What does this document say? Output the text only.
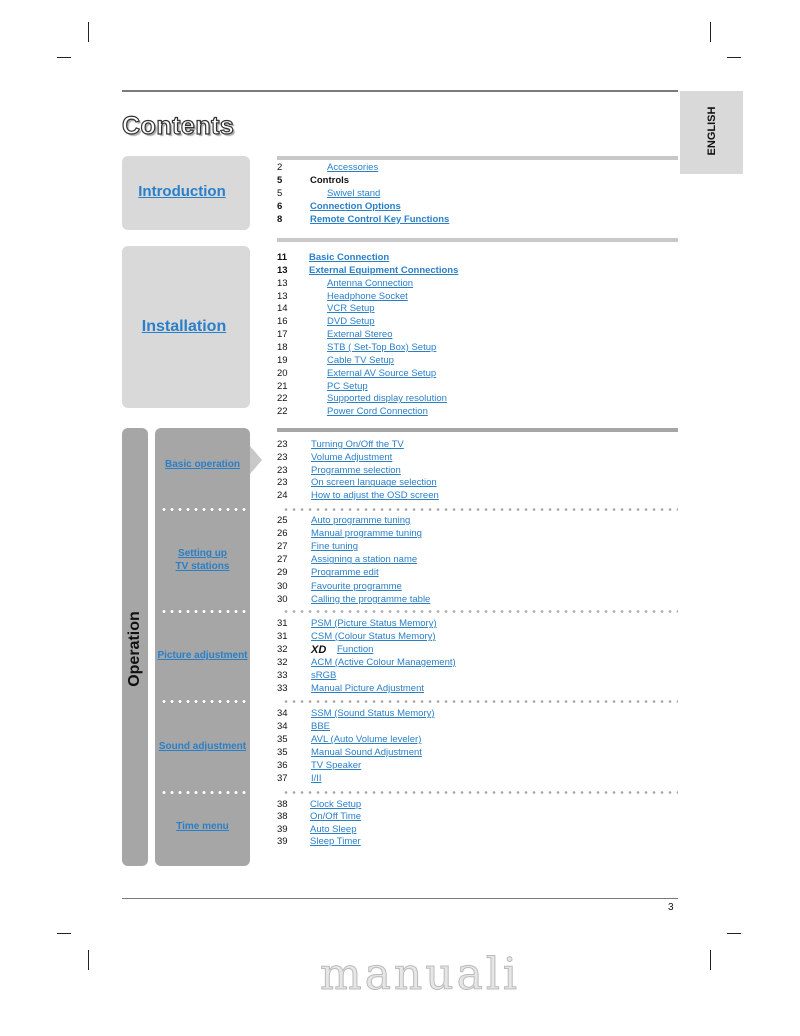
Contents	ENGLISH
Introduction
Installation
Operation
Basic operation
Setting up
TV stations
Picture adjustment
Sound adjustment
Time menu
2	Accessories
5	Controls
5	Swivel stand
6	Connection Options
8	Remote Control Key Functions
11 Basic Connection
13 External Equipment Connections
13	Antenna Connection
13	Headphone Socket
14	VCR Setup
16	DVD Setup
17	External Stereo
18	STB ( Set-Top Box) Setup
19	Cable TV Setup
20	External AV Source Setup
21	PC Setup
22	Supported display resolution
22	Power Cord Connection
23 Turning On/Off the TV
23 Volume Adjustment
23 Programme selection
23 On screen language selection
24 How to adjust the OSD screen
25 Auto programme tuning
26 Manual programme tuning
27 Fine tuning
27 Assigning a station name
29 Programme edit
30 Favourite programme
30 Calling the programme table
31 PSM (Picture Status Memory)
31 CSM (Colour Status Memory)
32 XD Function
32 ACM (Active Colour Management)
33 sRGB
33 Manual Picture Adjustment
34 SSM (Sound Status Memory)
34 BBE
35 AVL (Auto Volume leveler)
35 Manual Sound Adjustment
36 TV Speaker
37 I/II
38 Clock Setup
38 On/Off Time
39 Auto Sleep
39 Sleep Timer
3
manuali
